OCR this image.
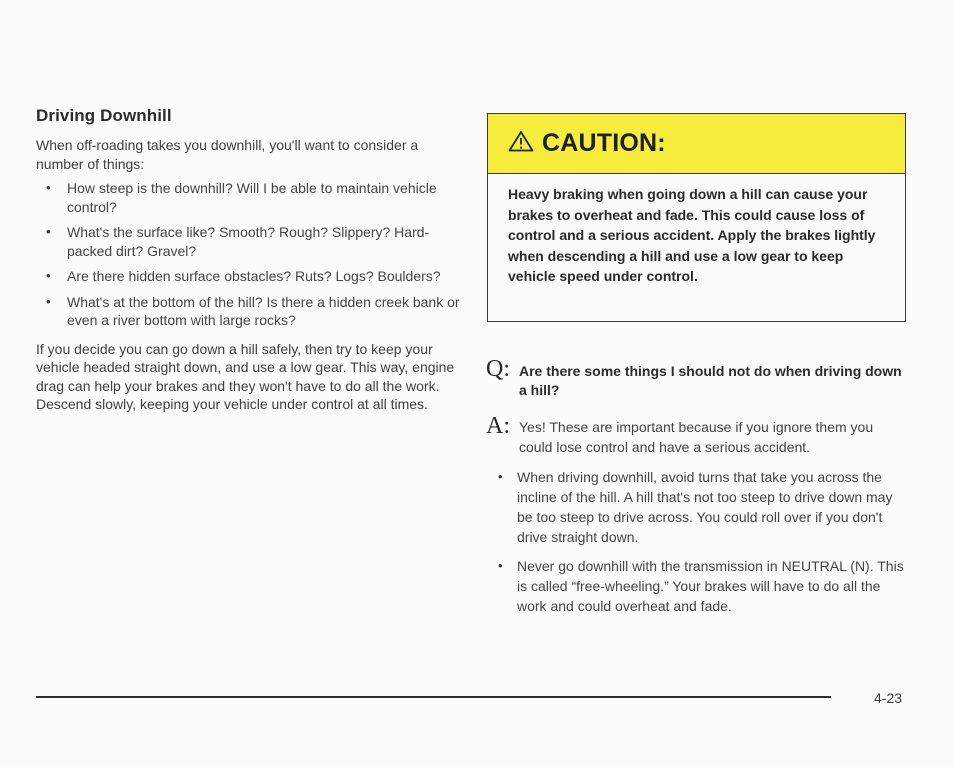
Driving Downhill

When off-roading takes you downhill, you'll want to consider a number of things:

• How steep is the downhill? Will I be able to maintain vehicle control?
• What's the surface like? Smooth? Rough? Slippery? Hard-packed dirt? Gravel?
• Are there hidden surface obstacles? Ruts? Logs? Boulders?
• What's at the bottom of the hill? Is there a hidden creek bank or even a river bottom with large rocks?

If you decide you can go down a hill safely, then try to keep your vehicle headed straight down, and use a low gear. This way, engine drag can help your brakes and they won't have to do all the work. Descend slowly, keeping your vehicle under control at all times.

CAUTION:
Heavy braking when going down a hill can cause your brakes to overheat and fade. This could cause loss of control and a serious accident. Apply the brakes lightly when descending a hill and use a low gear to keep vehicle speed under control.
Q: Are there some things I should not do when driving down a hill?
A: Yes! These are important because if you ignore them you could lose control and have a serious accident.
• When driving downhill, avoid turns that take you across the incline of the hill. A hill that's not too steep to drive down may be too steep to drive across. You could roll over if you don't drive straight down.
• Never go downhill with the transmission in NEUTRAL (N). This is called “free-wheeling.” Your brakes will have to do all the work and could overheat and fade.
4-23
